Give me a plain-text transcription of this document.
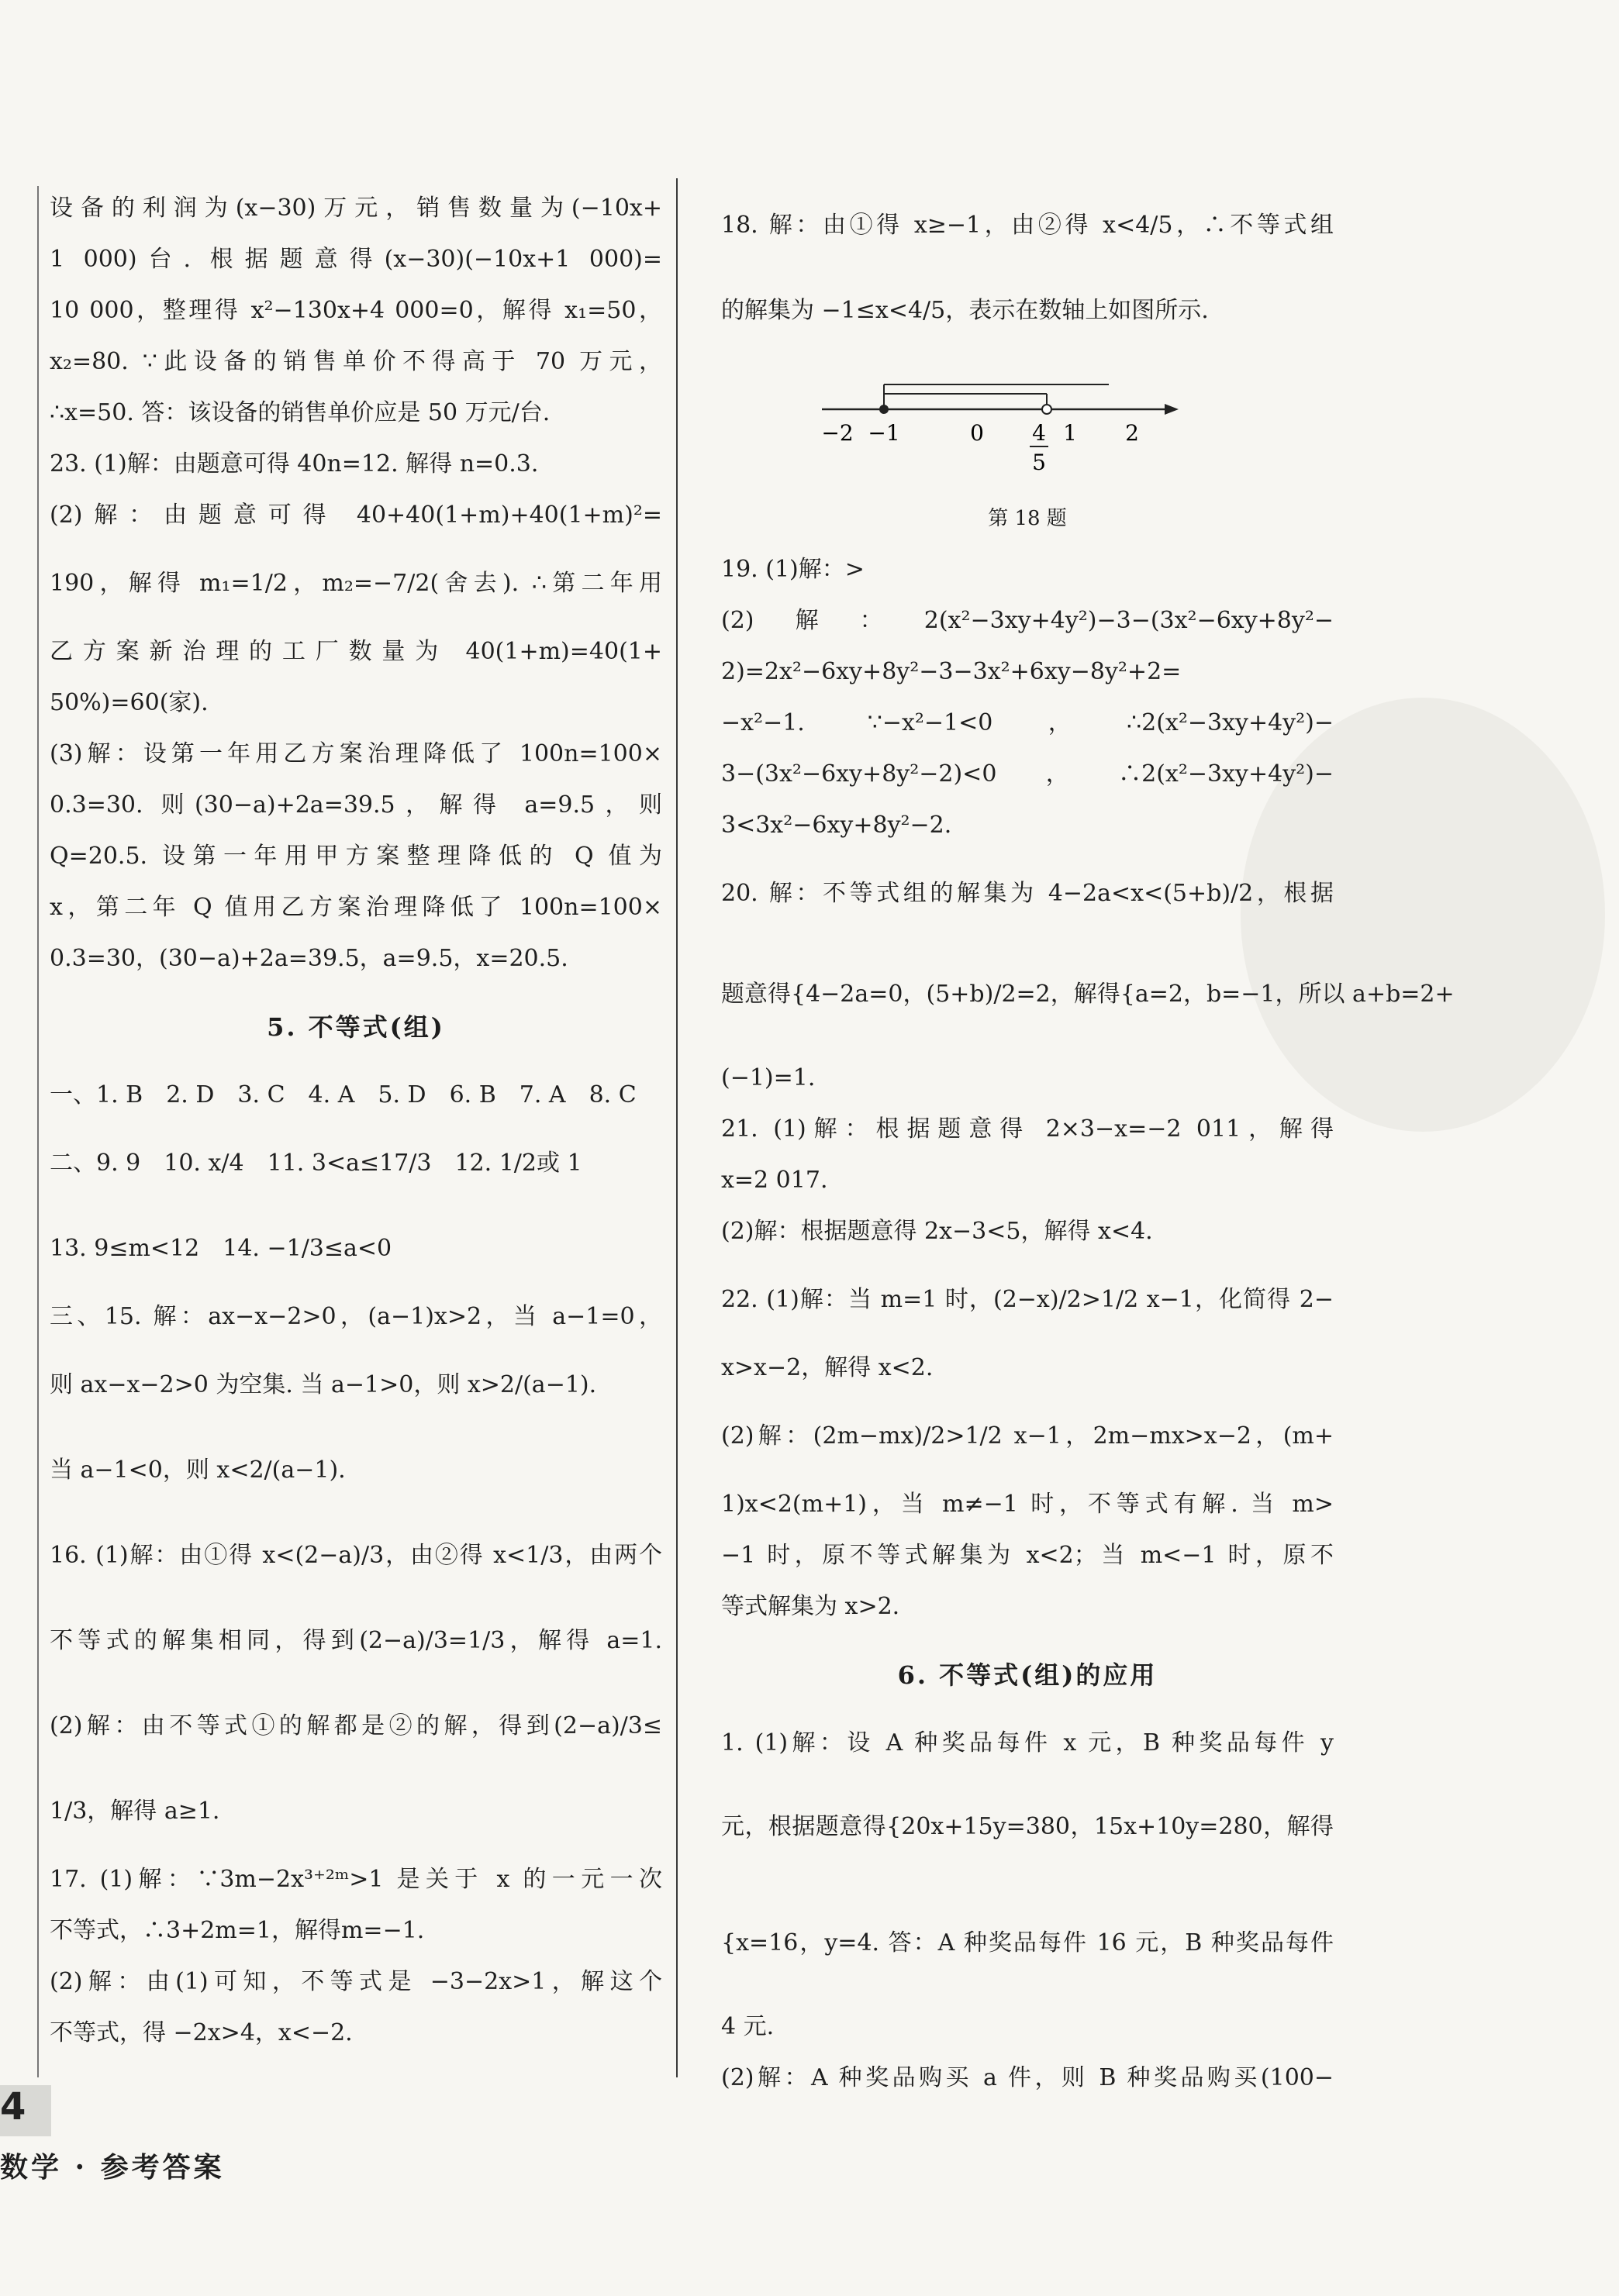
设备的利润为(x−30)万元，销售数量为(−10x+
1 000)台. 根据题意得(x−30)(−10x+1 000)=
10 000，整理得 x²−130x+4 000=0，解得 x₁=50，
x₂=80. ∵此设备的销售单价不得高于 70 万元，
∴x=50. 答：该设备的销售单价应是 50 万元/台.
23. (1)解：由题意可得 40n=12. 解得 n=0.3.
(2)解：由题意可得 40+40(1+m)+40(1+m)²=
190，解得 m₁=1/2，m₂=−7/2(舍去). ∴第二年用
乙方案新治理的工厂数量为 40(1+m)=40(1+
50%)=60(家).
(3)解：设第一年用乙方案治理降低了 100n=100×
0.3=30. 则(30−a)+2a=39.5，解得 a=9.5，则
Q=20.5. 设第一年用甲方案整理降低的 Q 值为
x，第二年 Q 值用乙方案治理降低了 100n=100×
0.3=30，(30−a)+2a=39.5，a=9.5，x=20.5.
5. 不等式(组)
一、1. B　2. D　3. C　4. A　5. D　6. B　7. A　8. C
二、9. 9　10. x/4　11. 3<a≤17/3　12. 1/2或 1
13. 9≤m<12　14. −1/3≤a<0
三、15. 解：ax−x−2>0，(a−1)x>2，当 a−1=0，
则 ax−x−2>0 为空集. 当 a−1>0，则 x>2/(a−1).
当 a−1<0，则 x<2/(a−1).
16. (1)解：由①得 x<(2−a)/3，由②得 x<1/3，由两个
不等式的解集相同，得到(2−a)/3=1/3，解得 a=1.
(2)解：由不等式①的解都是②的解，得到(2−a)/3≤
1/3，解得 a≥1.
17. (1)解：∵3m−2x³⁺²ᵐ>1 是关于 x 的一元一次
不等式，∴3+2m=1，解得m=−1.
(2)解：由(1)可知，不等式是 −3−2x>1，解这个
不等式，得 −2x>4，x<−2.
18. 解：由①得 x≥−1，由②得 x<4/5，∴不等式组
的解集为 −1≤x<4/5，表示在数轴上如图所示.
−2 −1	0 4
5
1 2
第 18 题
19. (1)解：>
(2)解：2(x²−3xy+4y²)−3−(3x²−6xy+8y²−
2)=2x²−6xy+8y²−3−3x²+6xy−8y²+2=
−x²−1. ∵−x²−1<0，∴2(x²−3xy+4y²)−
3−(3x²−6xy+8y²−2)<0，∴2(x²−3xy+4y²)−
3<3x²−6xy+8y²−2.
20. 解：不等式组的解集为 4−2a<x<(5+b)/2，根据
题意得{4−2a=0，(5+b)/2=2，解得{a=2，b=−1，所以 a+b=2+
(−1)=1.
21. (1)解：根据题意得 2×3−x=−2 011，解得
x=2 017.
(2)解：根据题意得 2x−3<5，解得 x<4.
22. (1)解：当 m=1 时，(2−x)/2>1/2 x−1，化简得 2−
x>x−2，解得 x<2.
(2)解：(2m−mx)/2>1/2 x−1，2m−mx>x−2，(m+
1)x<2(m+1)，当 m≠−1 时，不等式有解. 当 m>
−1 时，原不等式解集为 x<2；当 m<−1 时，原不
等式解集为 x>2.
6. 不等式(组)的应用
1. (1)解：设 A 种奖品每件 x 元，B 种奖品每件 y
元，根据题意得{20x+15y=380，15x+10y=280，解得
{x=16，y=4. 答：A 种奖品每件 16 元，B 种奖品每件
4 元.
(2)解：A 种奖品购买 a 件，则 B 种奖品购买(100−
4
数学 · 参考答案
